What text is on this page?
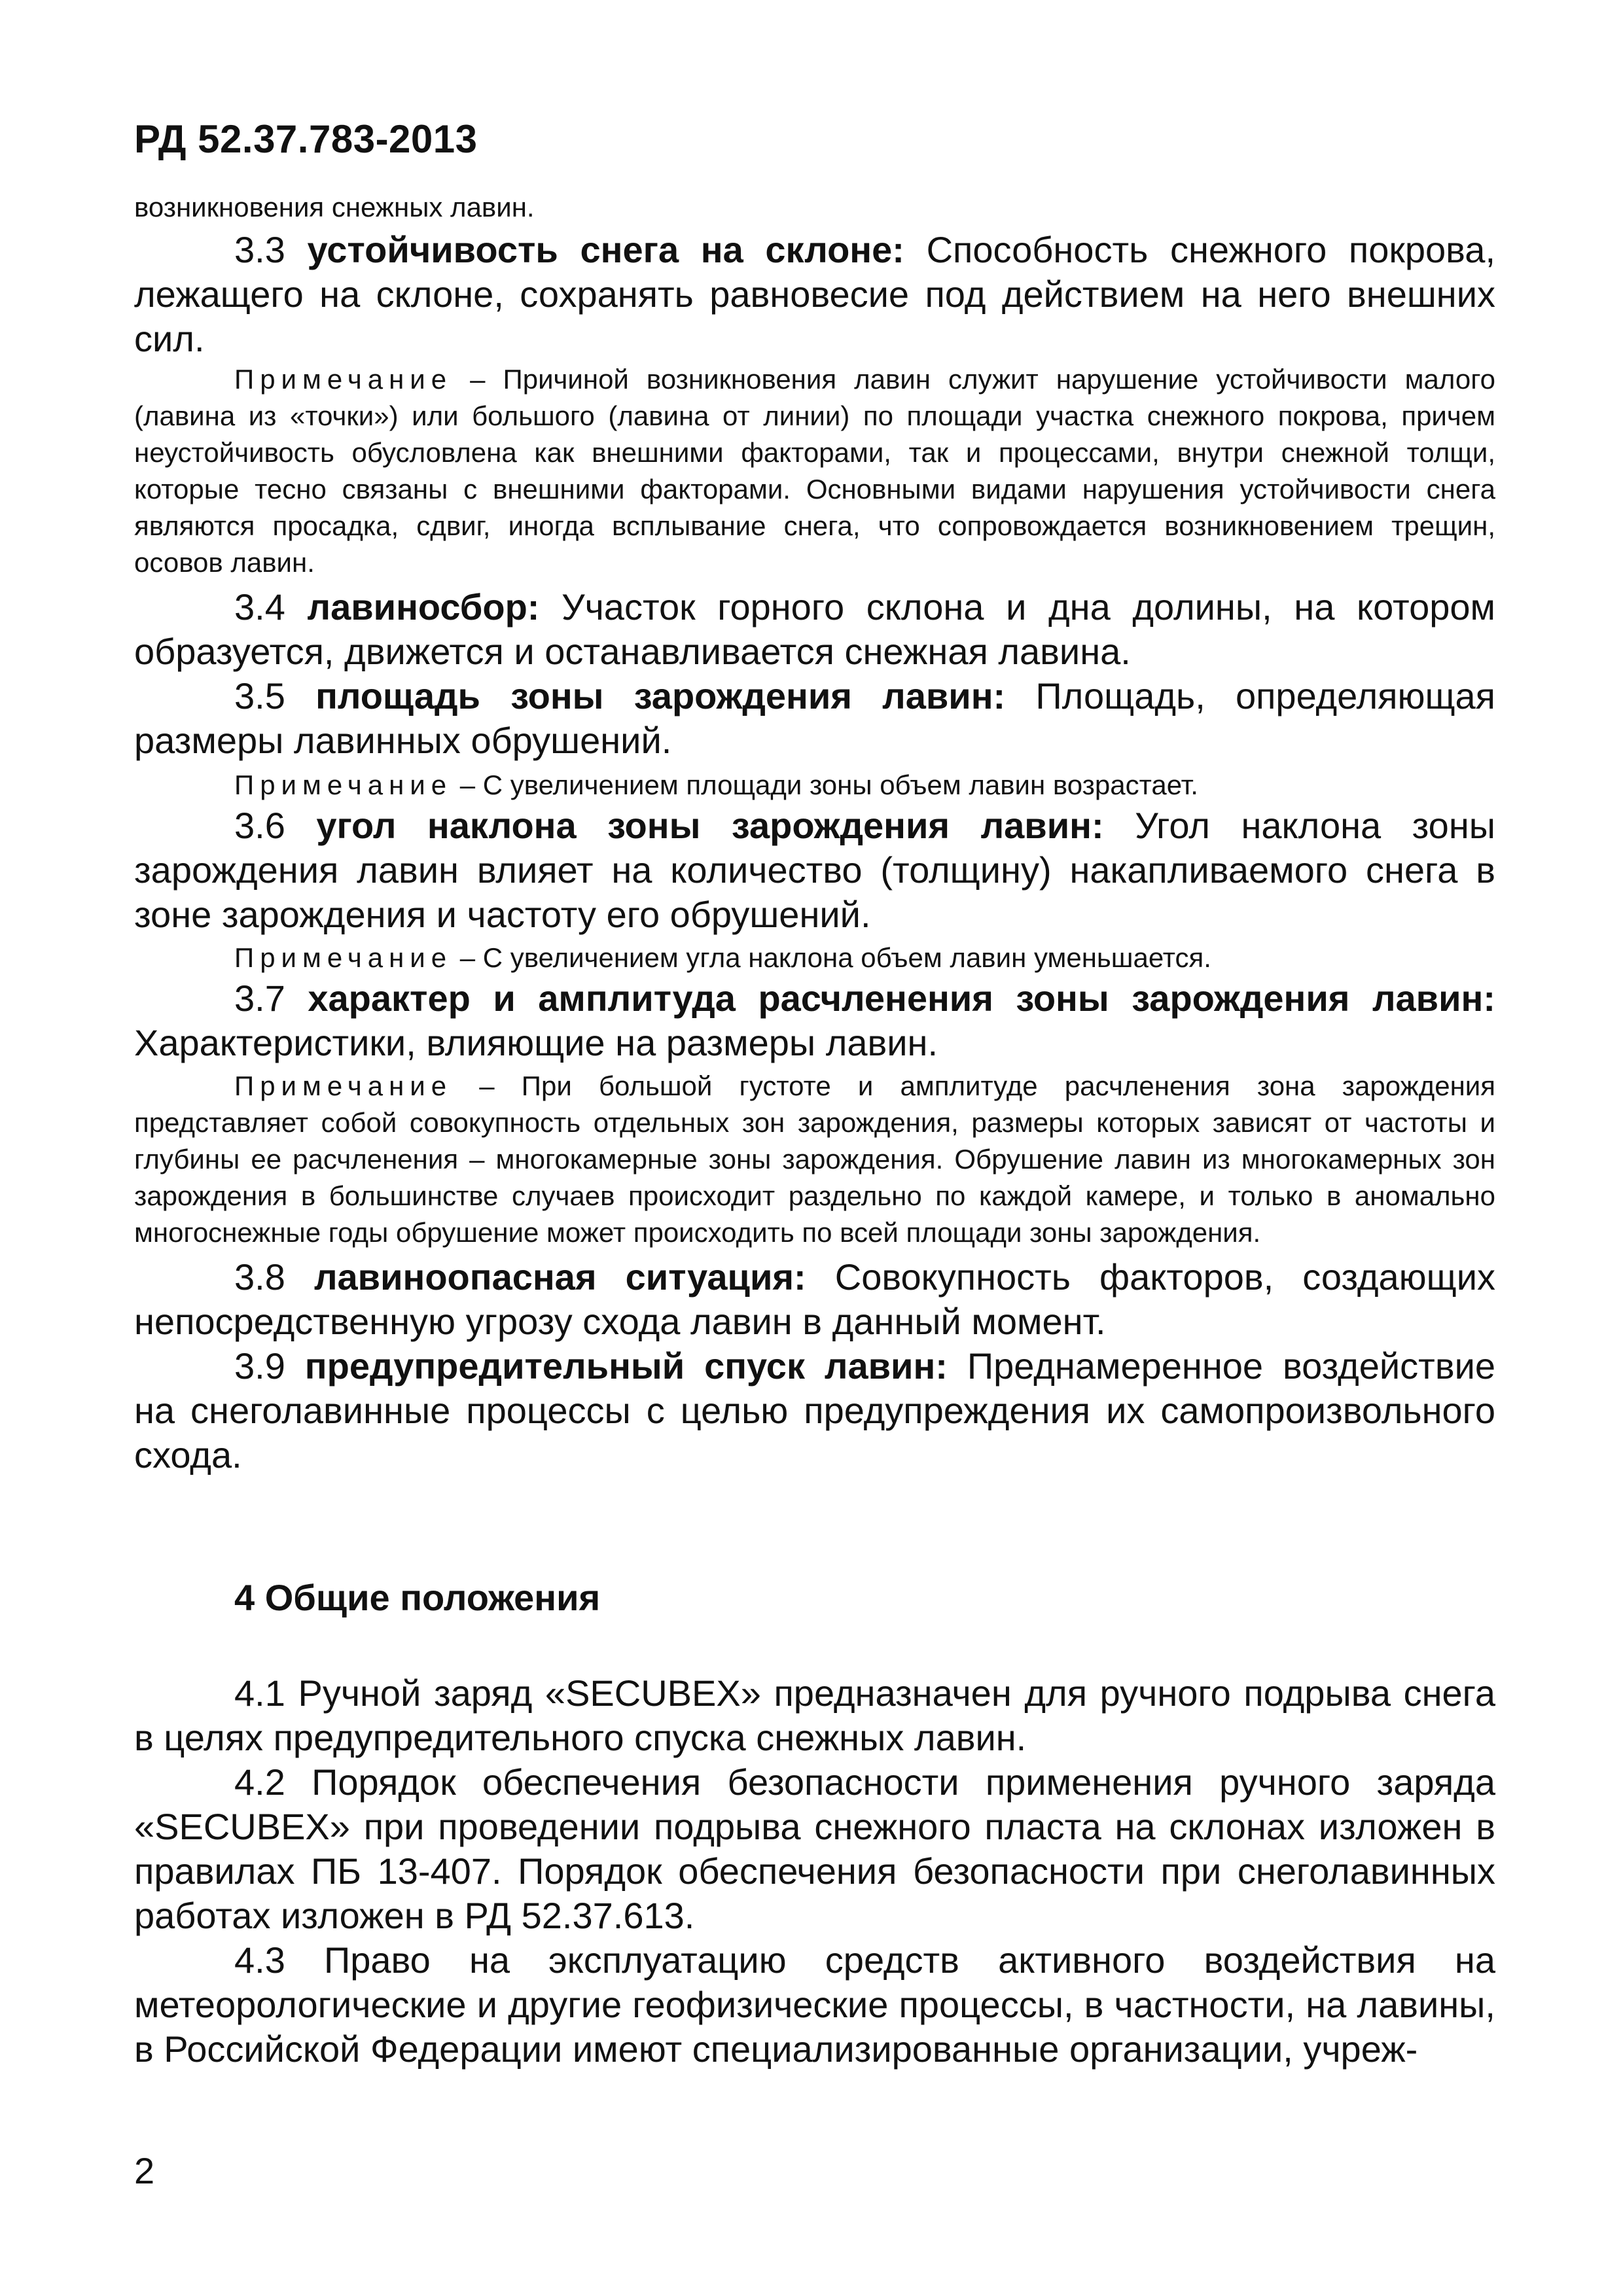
РД 52.37.783-2013

возникновения снежных лавин.

3.3 устойчивость снега на склоне: Способность снежного покрова, лежащего на склоне, сохранять равновесие под действием на него внешних сил.

Примечание – Причиной возникновения лавин служит нарушение устойчивости малого (лавина из «точки») или большого (лавина от линии) по площади участка снежного покрова, причем неустойчивость обусловлена как внешними факторами, так и процессами, внутри снежной толщи, которые тесно связаны с внешними факторами. Основными видами нарушения устойчивости снега являются просадка, сдвиг, иногда всплывание снега, что сопровождается возникновением трещин, осовов лавин.

3.4 лавиносбор: Участок горного склона и дна долины, на котором образуется, движется и останавливается снежная лавина.

3.5 площадь зоны зарождения лавин: Площадь, определяющая размеры лавинных обрушений.

Примечание – С увеличением площади зоны объем лавин возрастает.

3.6 угол наклона зоны зарождения лавин: Угол наклона зоны зарождения лавин влияет на количество (толщину) накапливаемого снега в зоне зарождения и частоту его обрушений.

Примечание – С увеличением угла наклона объем лавин уменьшается.

3.7 характер и амплитуда расчленения зоны зарождения лавин: Характеристики, влияющие на размеры лавин.

Примечание – При большой густоте и амплитуде расчленения зона зарождения представляет собой совокупность отдельных зон зарождения, размеры которых зависят от частоты и глубины ее расчленения – многокамерные зоны зарождения. Обрушение лавин из многокамерных зон зарождения в большинстве случаев происходит раздельно по каждой камере, и только в аномально многоснежные годы обрушение может происходить по всей площади зоны зарождения.

3.8 лавиноопасная ситуация: Совокупность факторов, создающих непосредственную угрозу схода лавин в данный момент.

3.9 предупредительный спуск лавин: Преднамеренное воздействие на снеголавинные процессы с целью предупреждения их самопроизвольного схода.

4 Общие положения

4.1 Ручной заряд «SECUBEX» предназначен для ручного подрыва снега в целях предупредительного спуска снежных лавин.

4.2 Порядок обеспечения безопасности применения ручного заряда «SECUBEX» при проведении подрыва снежного пласта на склонах изложен в правилах ПБ 13-407. Порядок обеспечения безопасности при снеголавинных работах изложен в РД 52.37.613.

4.3 Право на эксплуатацию средств активного воздействия на метеорологические и другие геофизические процессы, в частности, на лавины, в Российской Федерации имеют специализированные организации, учреж-

2
